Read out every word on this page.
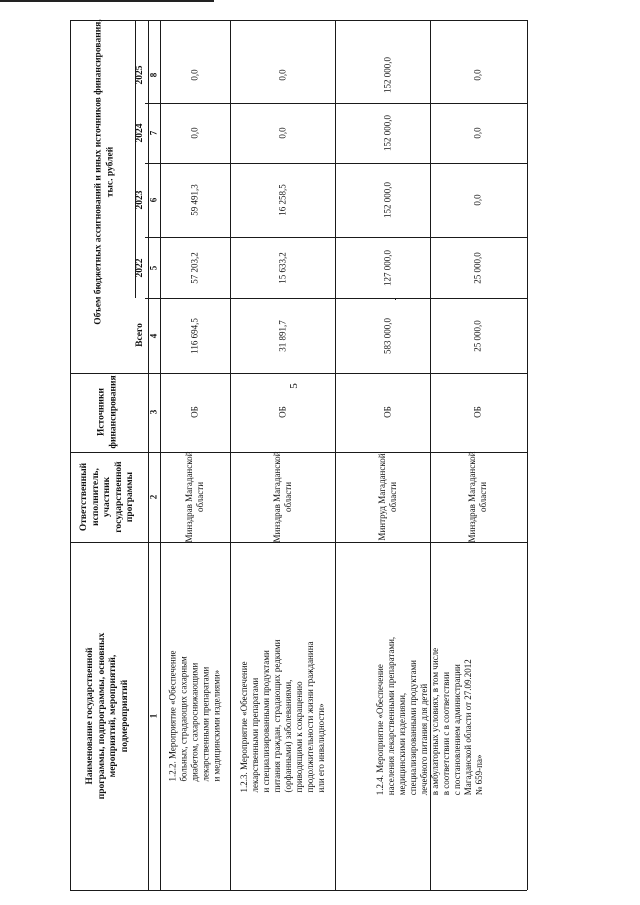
5
Наименование государственной программы, подпрограммы, основных мероприятий, мероприятий, подмероприятий
Ответственный исполнитель, участник государственной программы
Источники финансирования
Объем бюджетных ассигнований и иных источников финансирования, тыс. рублей
Всего
2022
2023
2024
2025
1
2
3
4
5
6
7
8
1.2.2. Мероприятие «Обеспечение
больных, страдающих сахарным
диабетом, сахароснижающими
лекарственными препаратами
и медицинскими изделиями»
Минздрав Магаданской
области
ОБ
116 694,5
57 203,2
59 491,3
0,0
0,0
1.2.3. Мероприятие «Обеспечение
лекарственными препаратами
и специализированными продуктами
питания граждан, страдающих редкими
(орфанными) заболеваниями,
приводящими к сокращению
продолжительности жизни гражданина
или его инвалидности»
Минздрав Магаданской
области
ОБ
31 891,7
15 633,2
16 258,5
0,0
0,0
1.2.4. Мероприятие «Обеспечение
населения лекарственными препаратами,
медицинскими изделиями,
специализированными продуктами
лечебного питания для детей
в амбулаторных условиях, в том числе
в соответствии с в соответствии
с постановлением администрации
Магаданской области от 27.09.2012
№ 659-па»
Минтруд Магаданской
области
ОБ
583 000,0
127 000,0
152 000,0
152 000,0
152 000,0
Минздрав Магаданской
области
ОБ
25 000,0
25 000,0
0,0
0,0
0,0
